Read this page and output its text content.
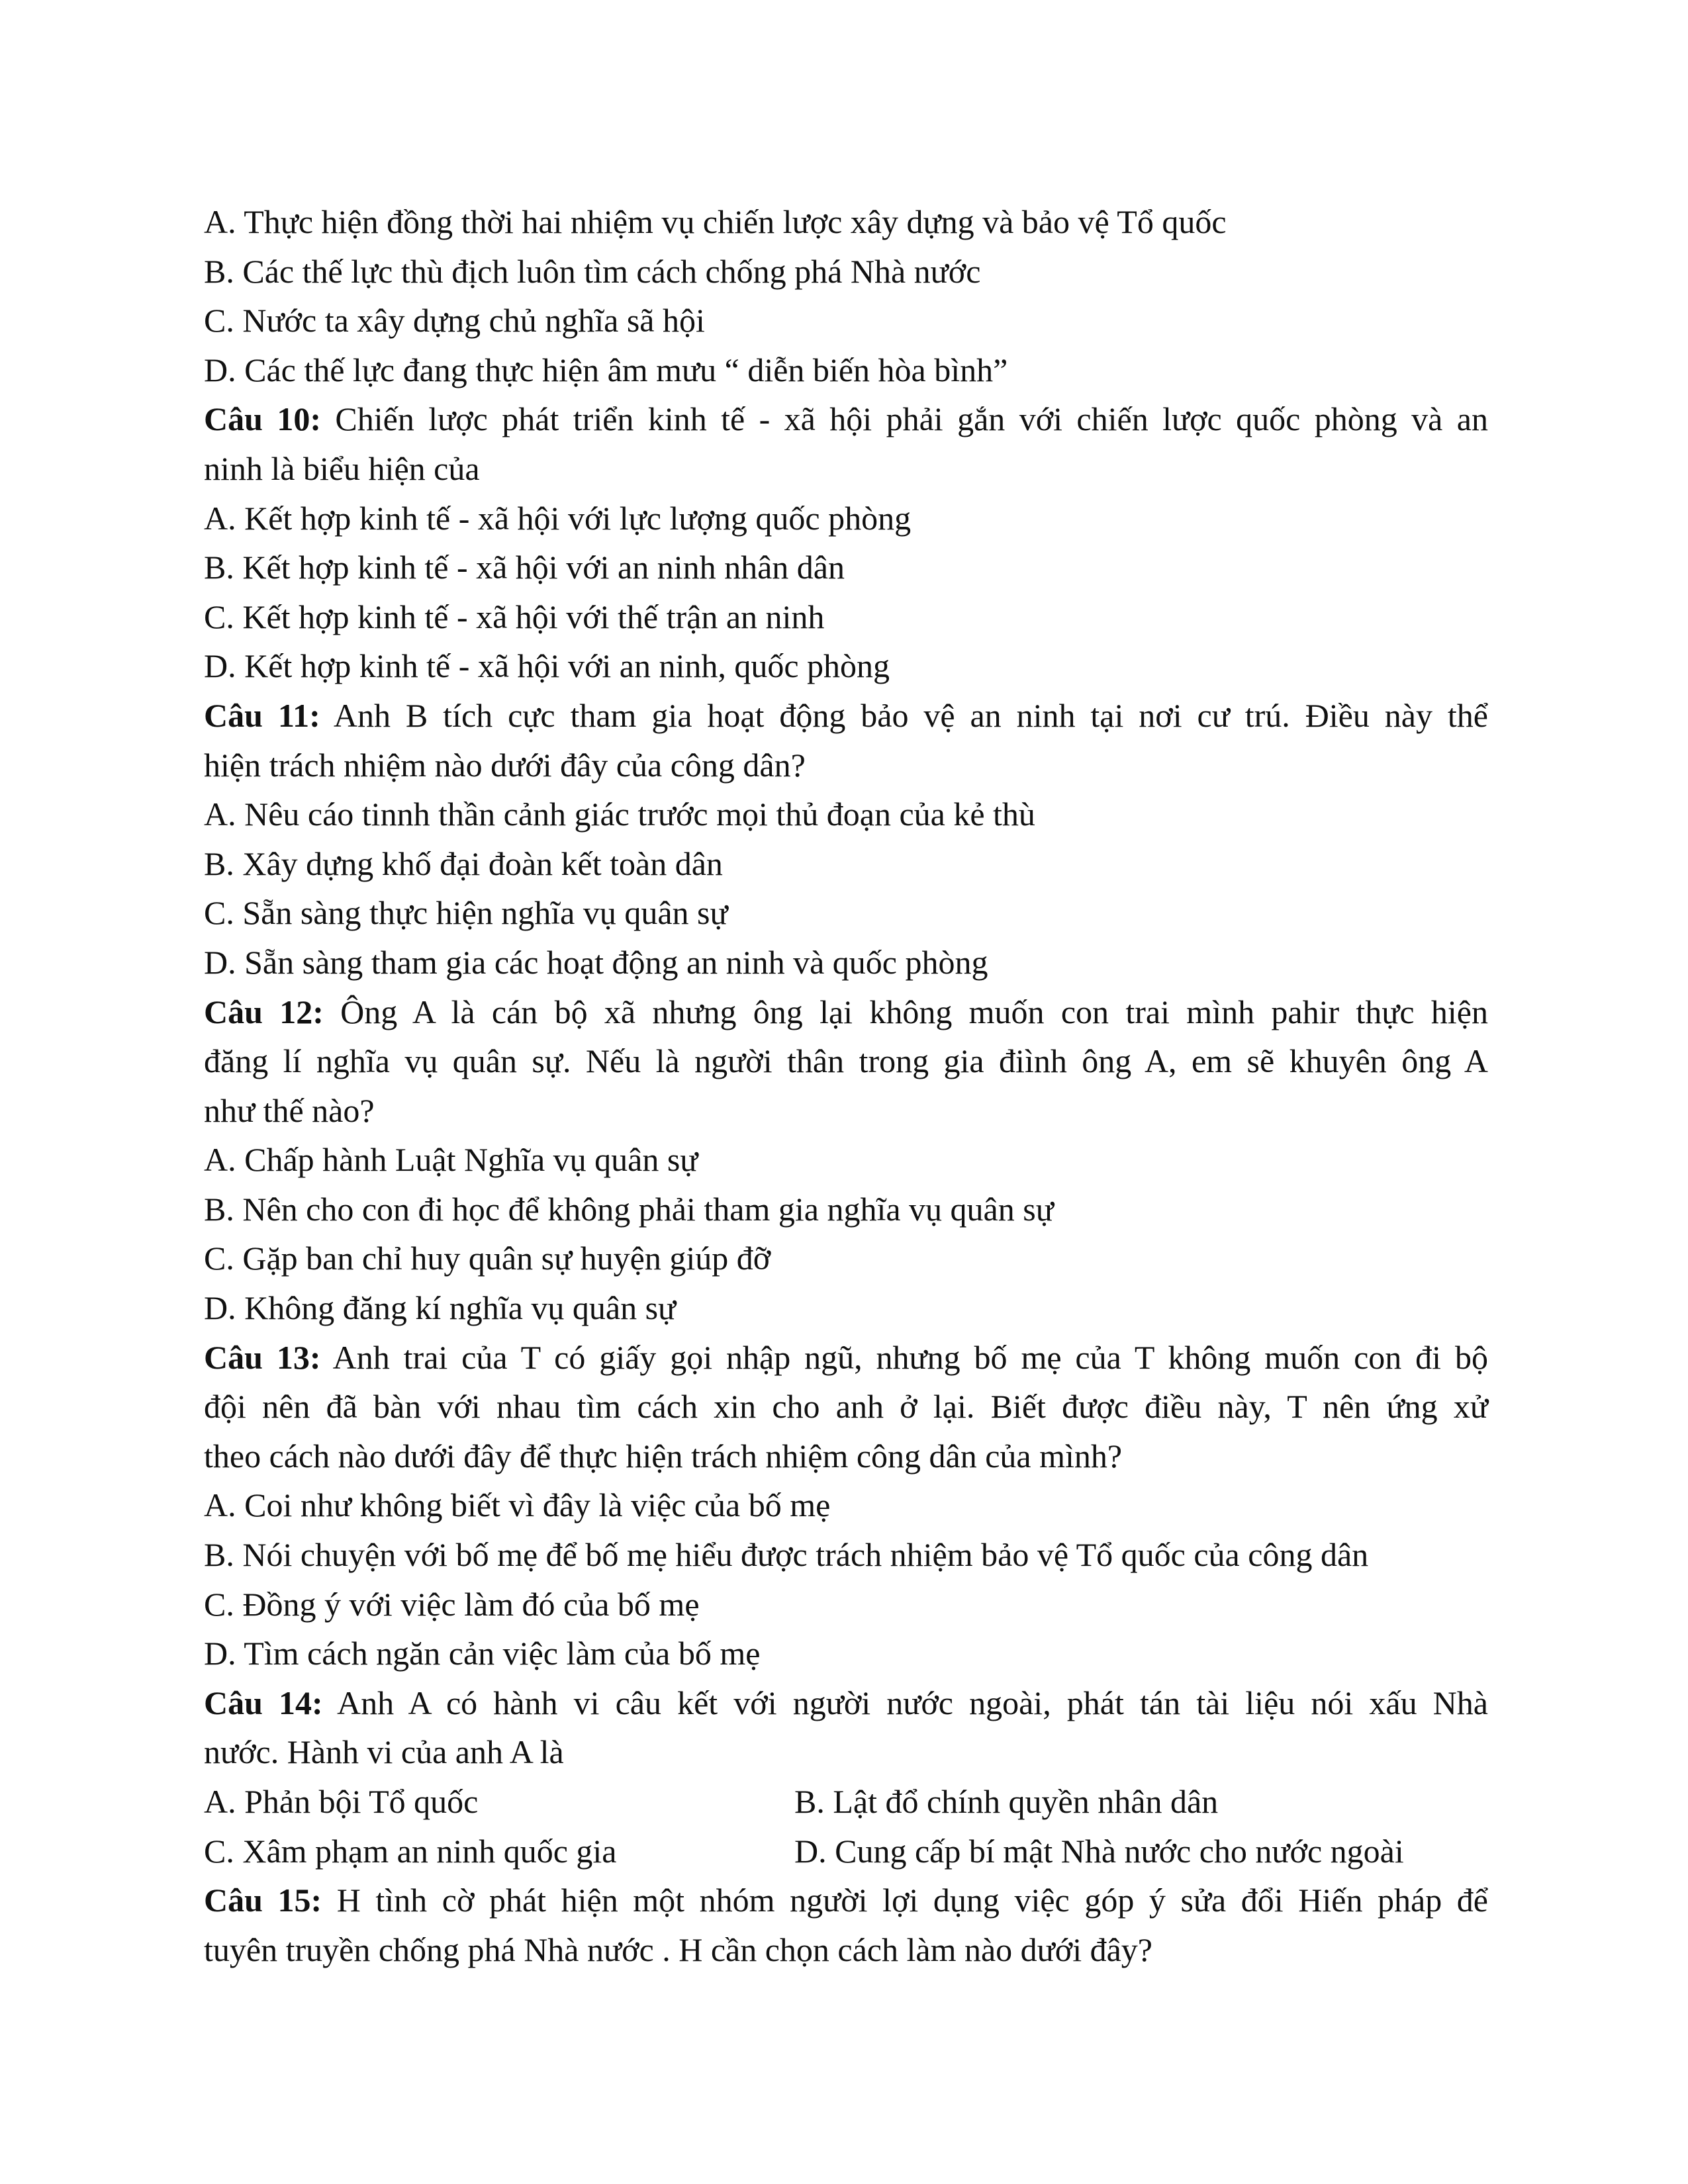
A. Thực hiện đồng thời hai nhiệm vụ chiến lược xây dựng và bảo vệ Tổ quốc
B. Các thế lực thù địch luôn tìm cách chống phá Nhà nước
C. Nước ta xây dựng chủ nghĩa sã hội
D. Các thế lực đang thực hiện âm mưu “ diễn biến hòa bình”
Câu 10: Chiến lược phát triển kinh tế - xã hội phải gắn với chiến lược quốc phòng và an
ninh là biểu hiện của
A. Kết hợp kinh tế - xã hội với lực lượng quốc phòng
B. Kết hợp kinh tế - xã hội với an ninh nhân dân
C. Kết hợp kinh tế - xã hội với thế trận an ninh
D. Kết hợp kinh tế - xã hội với an ninh, quốc phòng
Câu 11: Anh B tích cực tham gia hoạt động bảo vệ an ninh tại nơi cư trú. Điều này thể
hiện trách nhiệm nào dưới đây của công dân?
A. Nêu cáo tinnh thần cảnh giác trước mọi thủ đoạn của kẻ thù
B. Xây dựng khố đại đoàn kết toàn dân
C. Sẵn sàng thực hiện nghĩa vụ quân sự
D. Sẵn sàng tham gia các hoạt động an ninh và quốc phòng
Câu 12: Ông A là cán bộ xã nhưng ông lại không muốn con trai mình pahir thực hiện
đăng lí nghĩa vụ quân sự. Nếu là người thân trong gia điình ông A, em sẽ khuyên ông A
như thế nào?
A. Chấp hành Luật Nghĩa vụ quân sự
B. Nên cho con đi học để không phải tham gia nghĩa vụ quân sự
C. Gặp ban chỉ huy quân sự huyện giúp đỡ
D. Không đăng kí nghĩa vụ quân sự
Câu 13: Anh trai của T có giấy gọi nhập ngũ, nhưng bố mẹ của T không muốn con đi bộ
đội nên đã bàn với nhau tìm cách xin cho anh ở lại. Biết được điều này, T nên ứng xử
theo cách nào dưới đây để thực hiện trách nhiệm công dân của mình?
A. Coi như không biết vì đây là việc của bố mẹ
B. Nói chuyện với bố mẹ để bố mẹ hiểu được trách nhiệm bảo vệ Tổ quốc của công dân
C. Đồng ý với việc làm đó của bố mẹ
D. Tìm cách ngăn cản việc làm của bố mẹ
Câu 14: Anh A có hành vi câu kết với người nước ngoài, phát tán tài liệu nói xấu Nhà
nước. Hành vi của anh A là
A. Phản bội Tổ quốc	B. Lật đổ chính quyền nhân dân
C. Xâm phạm an ninh quốc gia	D. Cung cấp bí mật Nhà nước cho nước ngoài
Câu 15: H tình cờ phát hiện một nhóm người lợi dụng việc góp ý sửa đổi Hiến pháp để
tuyên truyền chống phá Nhà nước . H cần chọn cách làm nào dưới đây?
